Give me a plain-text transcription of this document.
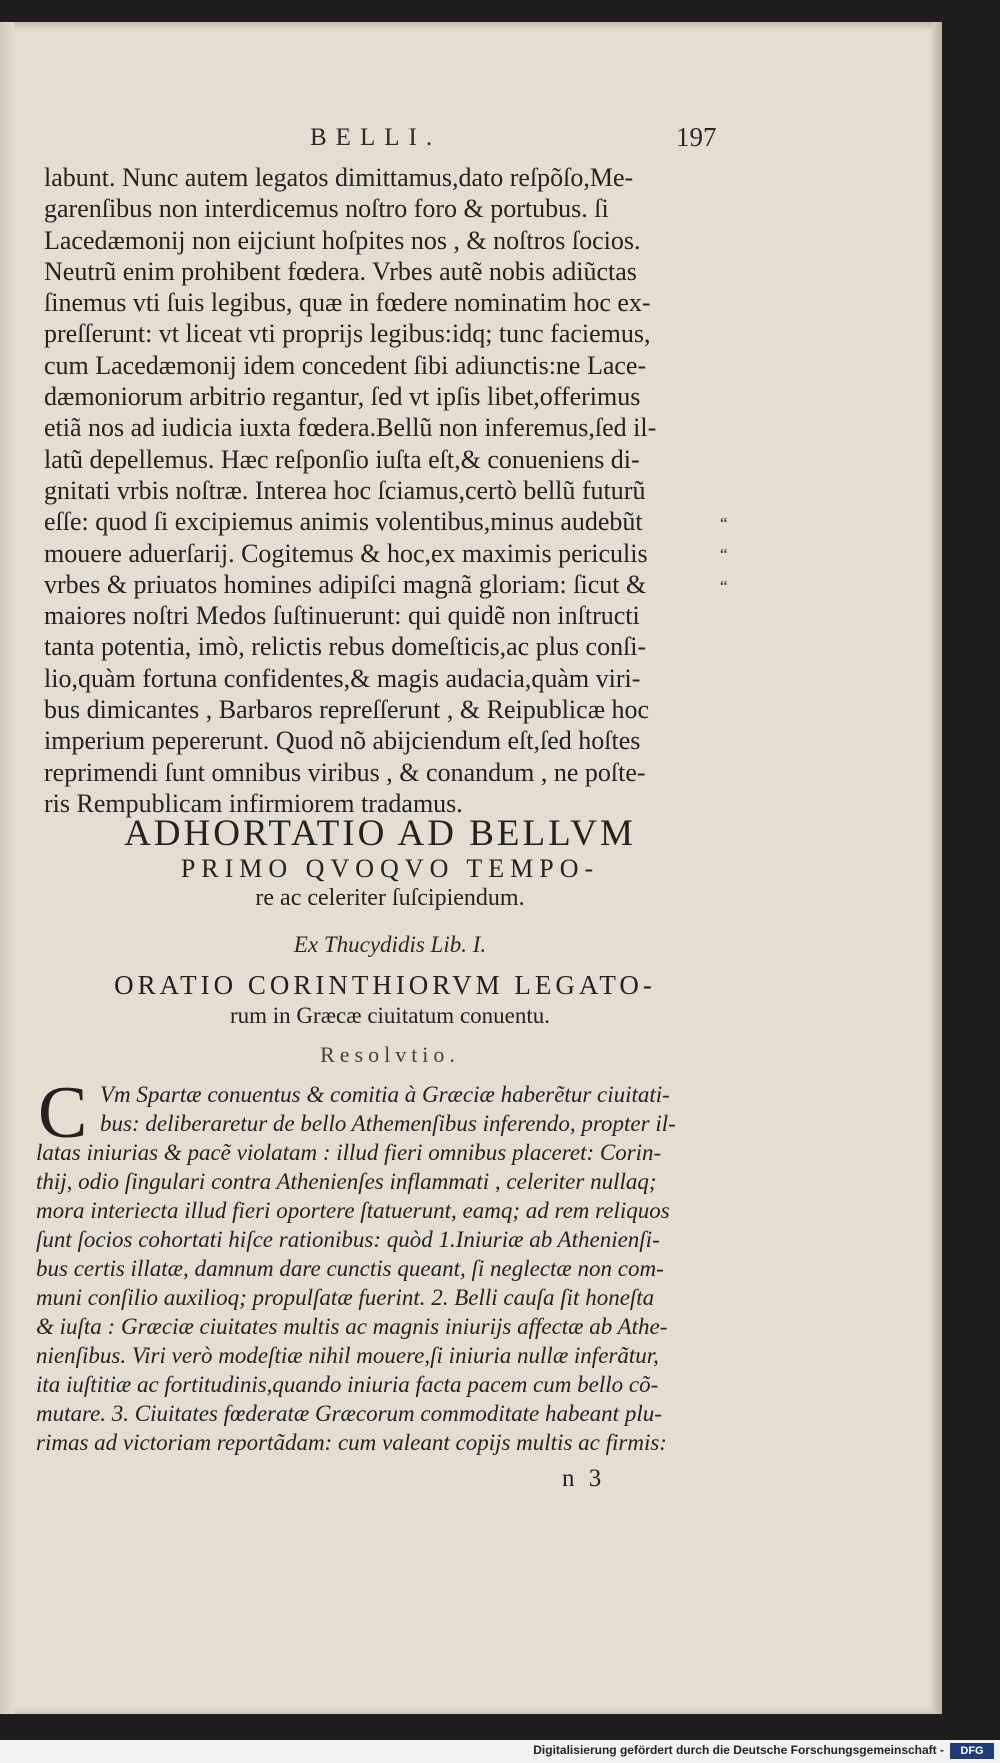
BELLI.	197
labunt. Nunc autem legatos dimittamus,dato reſpõſo,Me-
garenſibus non interdicemus noſtro foro & portubus. ſi
Lacedæmonij non eijciunt hoſpites nos , & noſtros ſocios.
Neutrũ enim prohibent fœdera. Vrbes autẽ nobis adiũctas
ſinemus vti ſuis legibus, quæ in fœdere nominatim hoc ex-
preſſerunt: vt liceat vti proprijs legibus:idq; tunc faciemus,
cum Lacedæmonij idem concedent ſibi adiunctis:ne Lace-
dæmoniorum arbitrio regantur, ſed vt ipſis libet,offerimus
etiã nos ad iudicia iuxta fœdera.Bellũ non inferemus,ſed il-
latũ depellemus. Hæc reſponſio iuſta eſt,& conueniens di-
gnitati vrbis noſtræ. Interea hoc ſciamus,certò bellũ futurũ
eſſe: quod ſi excipiemus animis volentibus,minus audebũt
mouere aduerſarij. Cogitemus & hoc,ex maximis periculis
vrbes & priuatos homines adipiſci magnã gloriam: ſicut &
maiores noſtri Medos ſuſtinuerunt: qui quidẽ non inſtructi
tanta potentia, imò, relictis rebus domeſticis,ac plus conſi-
lio,quàm fortuna confidentes,& magis audacia,quàm viri-
bus dimicantes , Barbaros repreſſerunt , & Reipublicæ hoc
imperium pepererunt. Quod nõ abijciendum eſt,ſed hoſtes
reprimendi ſunt omnibus viribus , & conandum , ne poſte-
ris Rempublicam infirmiorem tradamus.
“
“
“
ADHORTATIO AD BELLVM
PRIMO QVOQVO TEMPO-
re ac celeriter ſuſcipiendum.
Ex Thucydidis Lib. I.
ORATIO CORINTHIORVM LEGATO-
rum in Græcæ ciuitatum conuentu.
Resolvtio.
C Vm Spartæ conuentus & comitia à Græciæ haberẽtur ciuitati-
bus: deliberaretur de bello Athemenſibus inferendo, propter il-
latas iniurias & pacẽ violatam : illud fieri omnibus placeret: Corin-
thij, odio ſingulari contra Athenienſes inflammati , celeriter nullaq;
mora interiecta illud fieri oportere ſtatuerunt, eamq; ad rem reliquos
ſunt ſocios cohortati hiſce rationibus: quòd 1.Iniuriæ ab Athenienſi-
bus certis illatæ, damnum dare cunctis queant, ſi neglectæ non com-
muni conſilio auxilioq; propulſatæ fuerint. 2. Belli cauſa ſit honeſta
& iuſta : Græciæ ciuitates multis ac magnis iniurijs affectæ ab Athe-
nienſibus. Viri verò modeſtiæ nihil mouere,ſi iniuria nullæ inferãtur,
ita iuſtitiæ ac fortitudinis,quando iniuria facta pacem cum bello cõ-
mutare. 3. Ciuitates fœderatæ Græcorum commoditate habeant plu-
rimas ad victoriam reportãdam: cum valeant copijs multis ac firmis:
n 3
Digitalisierung gefördert durch die Deutsche Forschungsgemeinschaft -	DFG
